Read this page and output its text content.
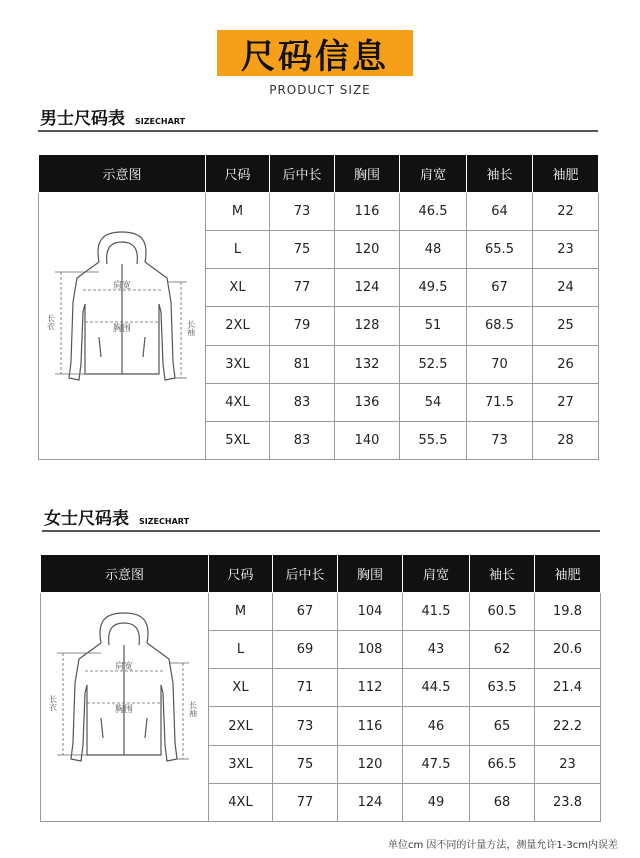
尺码信息
PRODUCT SIZE
男士尺码表 SIZECHART
示意图	尺码	后中长	胸围	肩宽	袖长	袖肥

肩宽
胸围
长衣 长袖	M	73	116	46.5	64	22
	L	75	120	48	65.5	23
	XL	77	124	49.5	67	24
	2XL	79	128	51	68.5	25
	3XL	81	132	52.5	70	26
	4XL	83	136	54	71.5	27
	5XL	83	140	55.5	73	28
女士尺码表 SIZECHART
示意图	尺码	后中长	胸围	肩宽	袖长	袖肥

肩宽
胸围
长衣 长袖	M	67	104	41.5	60.5	19.8
	L	69	108	43	62	20.6
	XL	71	112	44.5	63.5	21.4
	2XL	73	116	46	65	22.2
	3XL	75	120	47.5	66.5	23
	4XL	77	124	49	68	23.8
单位cm 因不同的计量方法，测量允许1-3cm内误差
